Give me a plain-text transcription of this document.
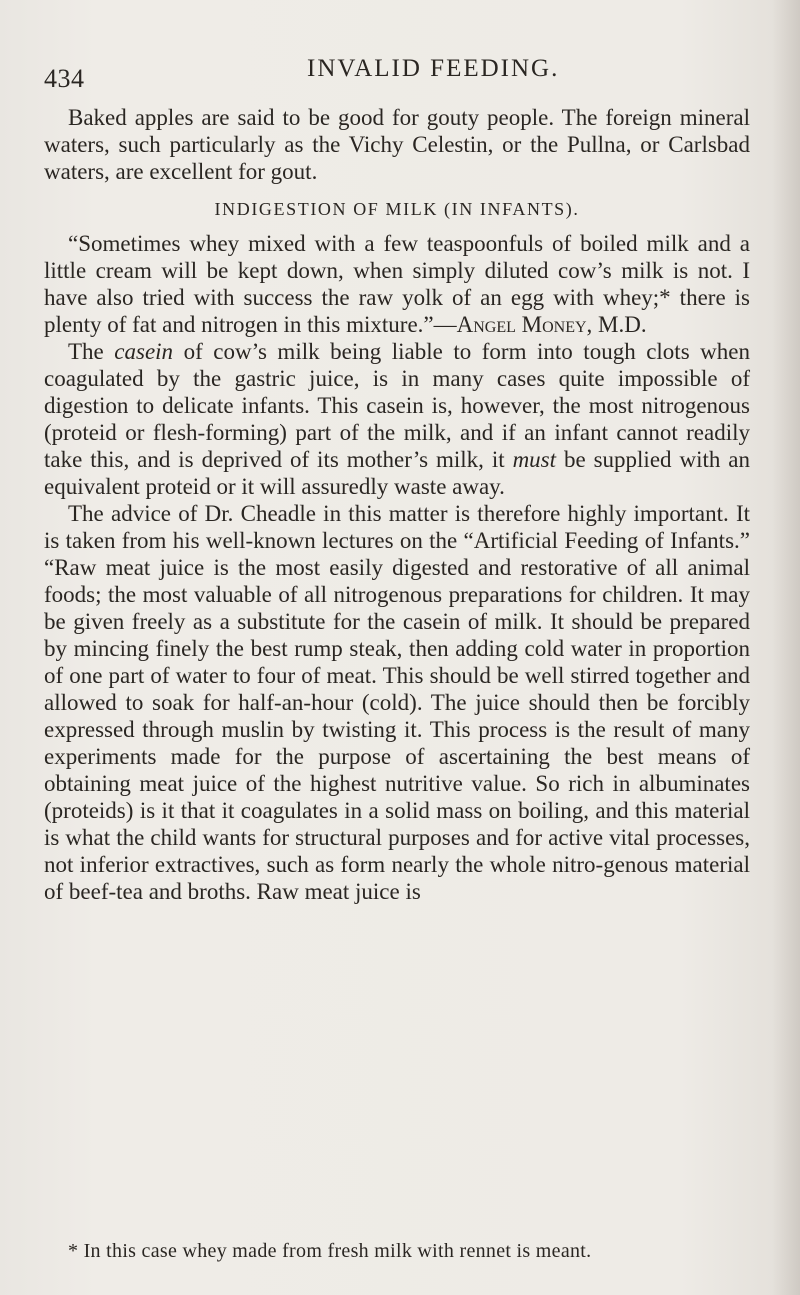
434	INVALID FEEDING.

Baked apples are said to be good for gouty people. The foreign mineral waters, such particularly as the Vichy Celestin, or the Pullna, or Carlsbad waters, are excellent for gout.

INDIGESTION OF MILK (IN INFANTS).

“Sometimes whey mixed with a few teaspoonfuls of boiled milk and a little cream will be kept down, when simply diluted cow’s milk is not. I have also tried with success the raw yolk of an egg with whey;* there is plenty of fat and nitrogen in this mixture.”—Angel Money, M.D.

The casein of cow’s milk being liable to form into tough clots when coagulated by the gastric juice, is in many cases quite impossible of digestion to delicate infants. This casein is, however, the most nitrogenous (proteid or flesh-forming) part of the milk, and if an infant cannot readily take this, and is deprived of its mother’s milk, it must be supplied with an equivalent proteid or it will assuredly waste away.

The advice of Dr. Cheadle in this matter is therefore highly important. It is taken from his well-known lectures on the “Artificial Feeding of Infants.” “Raw meat juice is the most easily digested and restorative of all animal foods; the most valuable of all nitrogenous preparations for children. It may be given freely as a substitute for the casein of milk. It should be prepared by mincing finely the best rump steak, then adding cold water in proportion of one part of water to four of meat. This should be well stirred together and allowed to soak for half-an-hour (cold). The juice should then be forcibly expressed through muslin by twisting it. This process is the result of many experiments made for the purpose of ascertaining the best means of obtaining meat juice of the highest nutritive value. So rich in albuminates (proteids) is it that it coagulates in a solid mass on boiling, and this material is what the child wants for structural purposes and for active vital processes, not inferior extractives, such as form nearly the whole nitro-genous material of beef-tea and broths. Raw meat juice is

* In this case whey made from fresh milk with rennet is meant.
